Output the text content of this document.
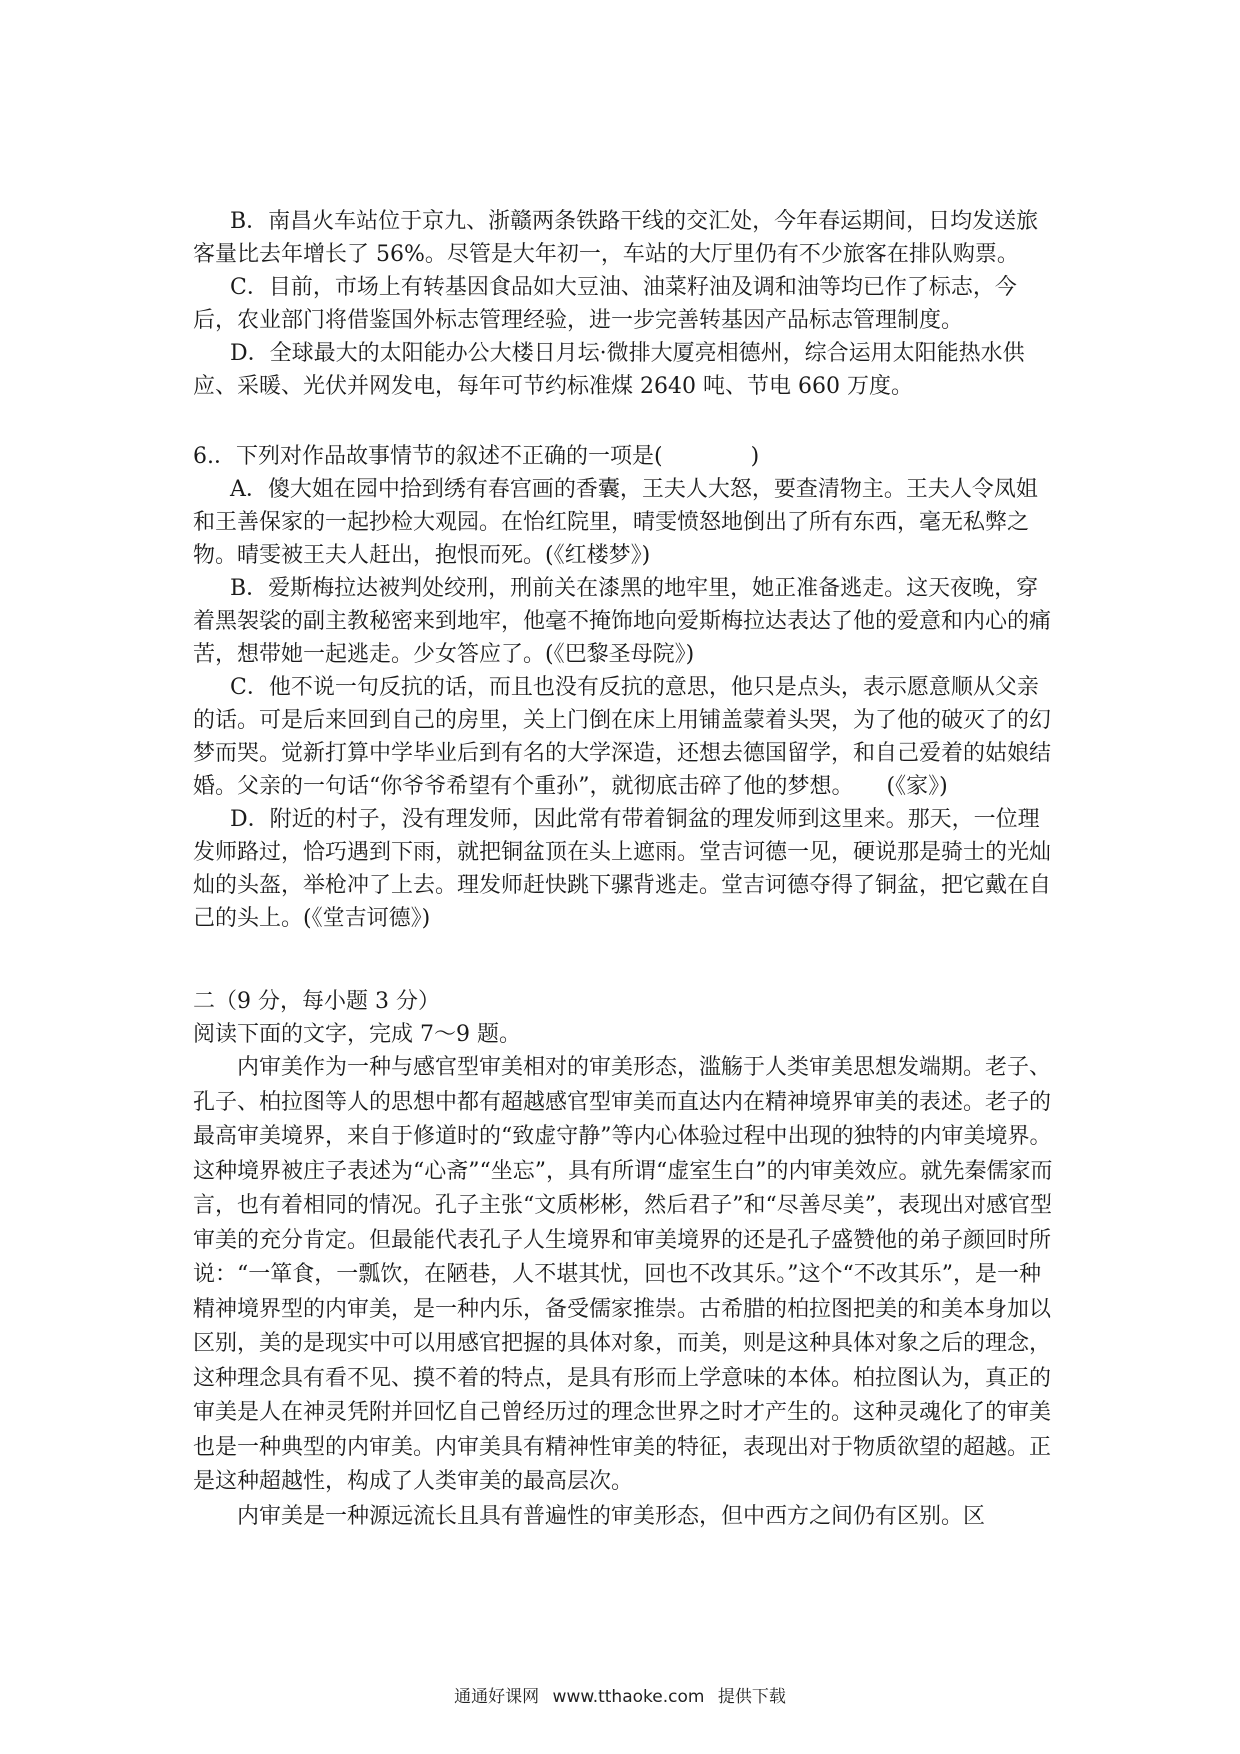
B．南昌火车站位于京九、浙赣两条铁路干线的交汇处，今年春运期间，日均发送旅客量比去年增长了 56%。尽管是大年初一，车站的大厅里仍有不少旅客在排队购票。

C．目前，市场上有转基因食品如大豆油、油菜籽油及调和油等均已作了标志，今后，农业部门将借鉴国外标志管理经验，进一步完善转基因产品标志管理制度。

D．全球最大的太阳能办公大楼日月坛·微排大厦亮相德州，综合运用太阳能热水供应、采暖、光伏并网发电，每年可节约标准煤 2640 吨、节电 660 万度。

6.．下列对作品故事情节的叙述不正确的一项是(　　　　)

A．傻大姐在园中拾到绣有春宫画的香囊，王夫人大怒，要查清物主。王夫人令凤姐和王善保家的一起抄检大观园。在怡红院里，晴雯愤怒地倒出了所有东西，毫无私弊之物。晴雯被王夫人赶出，抱恨而死。(《红楼梦》)

B．爱斯梅拉达被判处绞刑，刑前关在漆黑的地牢里，她正准备逃走。这天夜晚，穿着黑袈裟的副主教秘密来到地牢，他毫不掩饰地向爱斯梅拉达表达了他的爱意和内心的痛苦，想带她一起逃走。少女答应了。(《巴黎圣母院》)

C．他不说一句反抗的话，而且也没有反抗的意思，他只是点头，表示愿意顺从父亲的话。可是后来回到自己的房里，关上门倒在床上用铺盖蒙着头哭，为了他的破灭了的幻梦而哭。觉新打算中学毕业后到有名的大学深造，还想去德国留学，和自己爱着的姑娘结婚。父亲的一句话“你爷爷希望有个重孙”，就彻底击碎了他的梦想。　　(《家》)

D．附近的村子，没有理发师，因此常有带着铜盆的理发师到这里来。那天，一位理发师路过，恰巧遇到下雨，就把铜盆顶在头上遮雨。堂吉诃德一见，硬说那是骑士的光灿灿的头盔，举枪冲了上去。理发师赶快跳下骡背逃走。堂吉诃德夺得了铜盆，把它戴在自己的头上。(《堂吉诃德》)

二（9 分，每小题 3 分）

阅读下面的文字，完成 7～9 题。

内审美作为一种与感官型审美相对的审美形态，滥觞于人类审美思想发端期。老子、孔子、柏拉图等人的思想中都有超越感官型审美而直达内在精神境界审美的表述。老子的最高审美境界，来自于修道时的“致虚守静”等内心体验过程中出现的独特的内审美境界。这种境界被庄子表述为“心斋”“坐忘”，具有所谓“虚室生白”的内审美效应。就先秦儒家而言，也有着相同的情况。孔子主张“文质彬彬，然后君子”和“尽善尽美”，表现出对感官型审美的充分肯定。但最能代表孔子人生境界和审美境界的还是孔子盛赞他的弟子颜回时所说：“一箪食，一瓢饮，在陋巷，人不堪其忧，回也不改其乐。”这个“不改其乐”，是一种精神境界型的内审美，是一种内乐，备受儒家推崇。古希腊的柏拉图把美的和美本身加以区别，美的是现实中可以用感官把握的具体对象，而美，则是这种具体对象之后的理念，这种理念具有看不见、摸不着的特点，是具有形而上学意味的本体。柏拉图认为，真正的审美是人在神灵凭附并回忆自己曾经历过的理念世界之时才产生的。这种灵魂化了的审美也是一种典型的内审美。内审美具有精神性审美的特征，表现出对于物质欲望的超越。正是这种超越性，构成了人类审美的最高层次。

内审美是一种源远流长且具有普遍性的审美形态，但中西方之间仍有区别。区

通通好课网 www.tthaoke.com 提供下载
